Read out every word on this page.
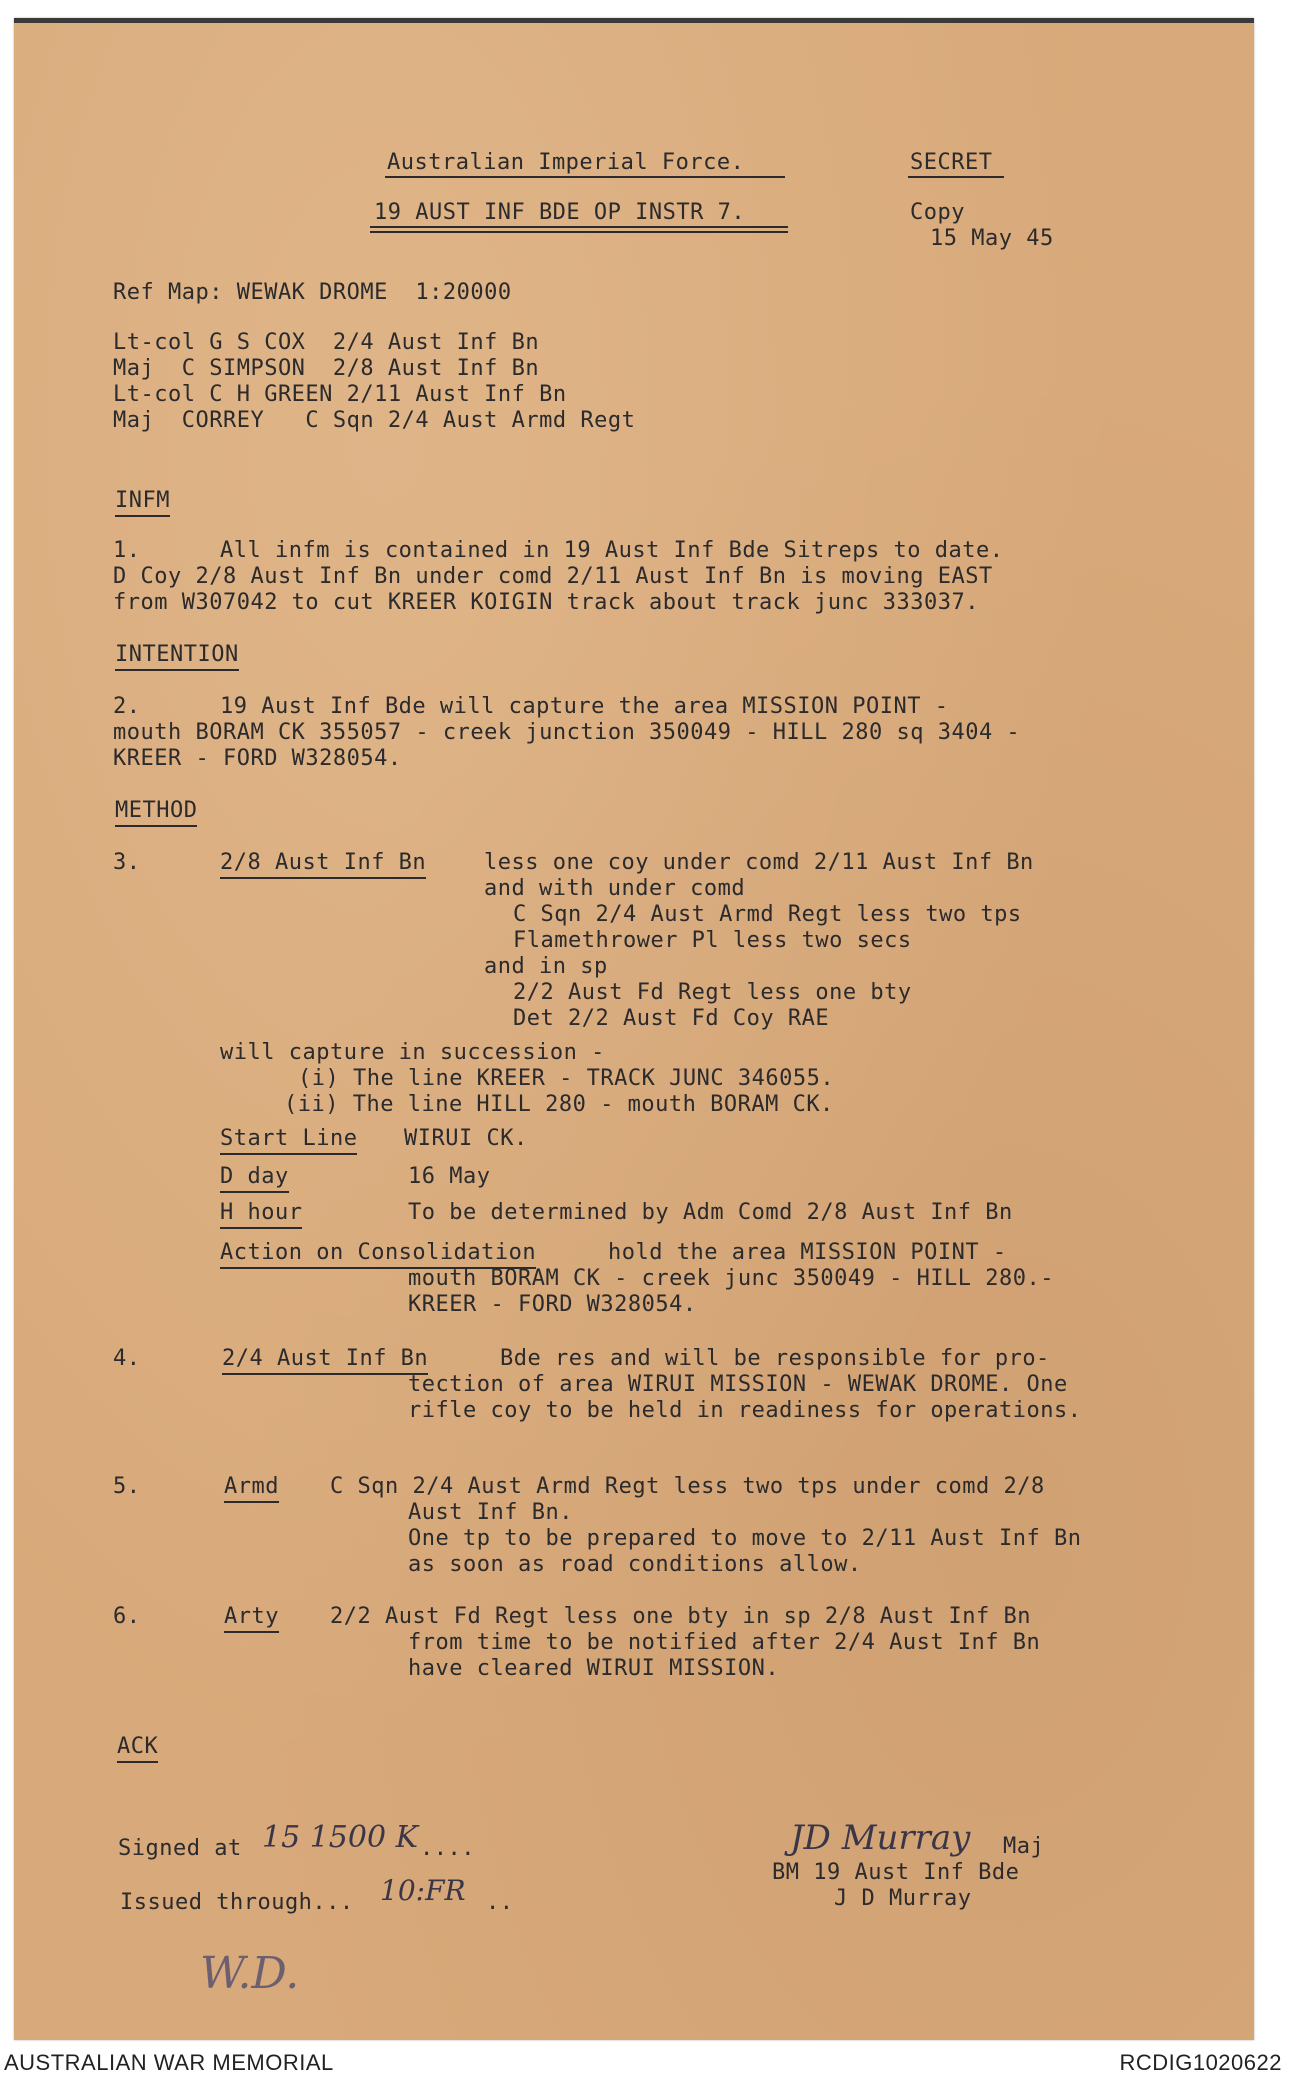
Australian Imperial Force.	SECRET
19 AUST INF BDE OP INSTR 7.	Copy
15 May 45
Ref Map: WEWAK DROME  1:20000
Lt-col G S COX  2/4 Aust Inf Bn
Maj  C SIMPSON  2/8 Aust Inf Bn
Lt-col C H GREEN 2/11 Aust Inf Bn
Maj  CORREY   C Sqn 2/4 Aust Armd Regt
INFM
1.	All infm is contained in 19 Aust Inf Bde Sitreps to date.
D Coy 2/8 Aust Inf Bn under comd 2/11 Aust Inf Bn is moving EAST
from W307042 to cut KREER KOIGIN track about track junc 333037.
INTENTION
2.	19 Aust Inf Bde will capture the area MISSION POINT -
mouth BORAM CK 355057 - creek junction 350049 - HILL 280 sq 3404 -
KREER - FORD W328054.
METHOD
3.	2/8 Aust Inf Bn	less one coy under comd 2/11 Aust Inf Bn
and with under comd
C Sqn 2/4 Aust Armd Regt less two tps
Flamethrower Pl less two secs
and in sp
2/2 Aust Fd Regt less one bty
Det 2/2 Aust Fd Coy RAE
will capture in succession -
(i) The line KREER - TRACK JUNC 346055.
(ii) The line HILL 280 - mouth BORAM CK.
Start Line WIRUI CK.
D day	16 May
H hour	To be determined by Adm Comd 2/8 Aust Inf Bn
Action on Consolidation	hold the area MISSION POINT -
mouth BORAM CK - creek junc 350049 - HILL 280.-
KREER - FORD W328054.
4.	2/4 Aust Inf Bn	Bde res and will be responsible for pro-
tection of area WIRUI MISSION - WEWAK DROME. One
rifle coy to be held in readiness for operations.
5.	Armd C Sqn 2/4 Aust Armd Regt less two tps under comd 2/8
Aust Inf Bn.
One tp to be prepared to move to 2/11 Aust Inf Bn
as soon as road conditions allow.
6.	Arty 2/2 Aust Fd Regt less one bty in sp 2/8 Aust Inf Bn
from time to be notified after 2/4 Aust Inf Bn
have cleared WIRUI MISSION.
ACK
Signed at 15 1500 K ....
Issued through... 10:FR ..
JD Murray Maj
BM 19 Aust Inf Bde
J D Murray
W.D.
AUSTRALIAN WAR MEMORIAL	RCDIG1020622
